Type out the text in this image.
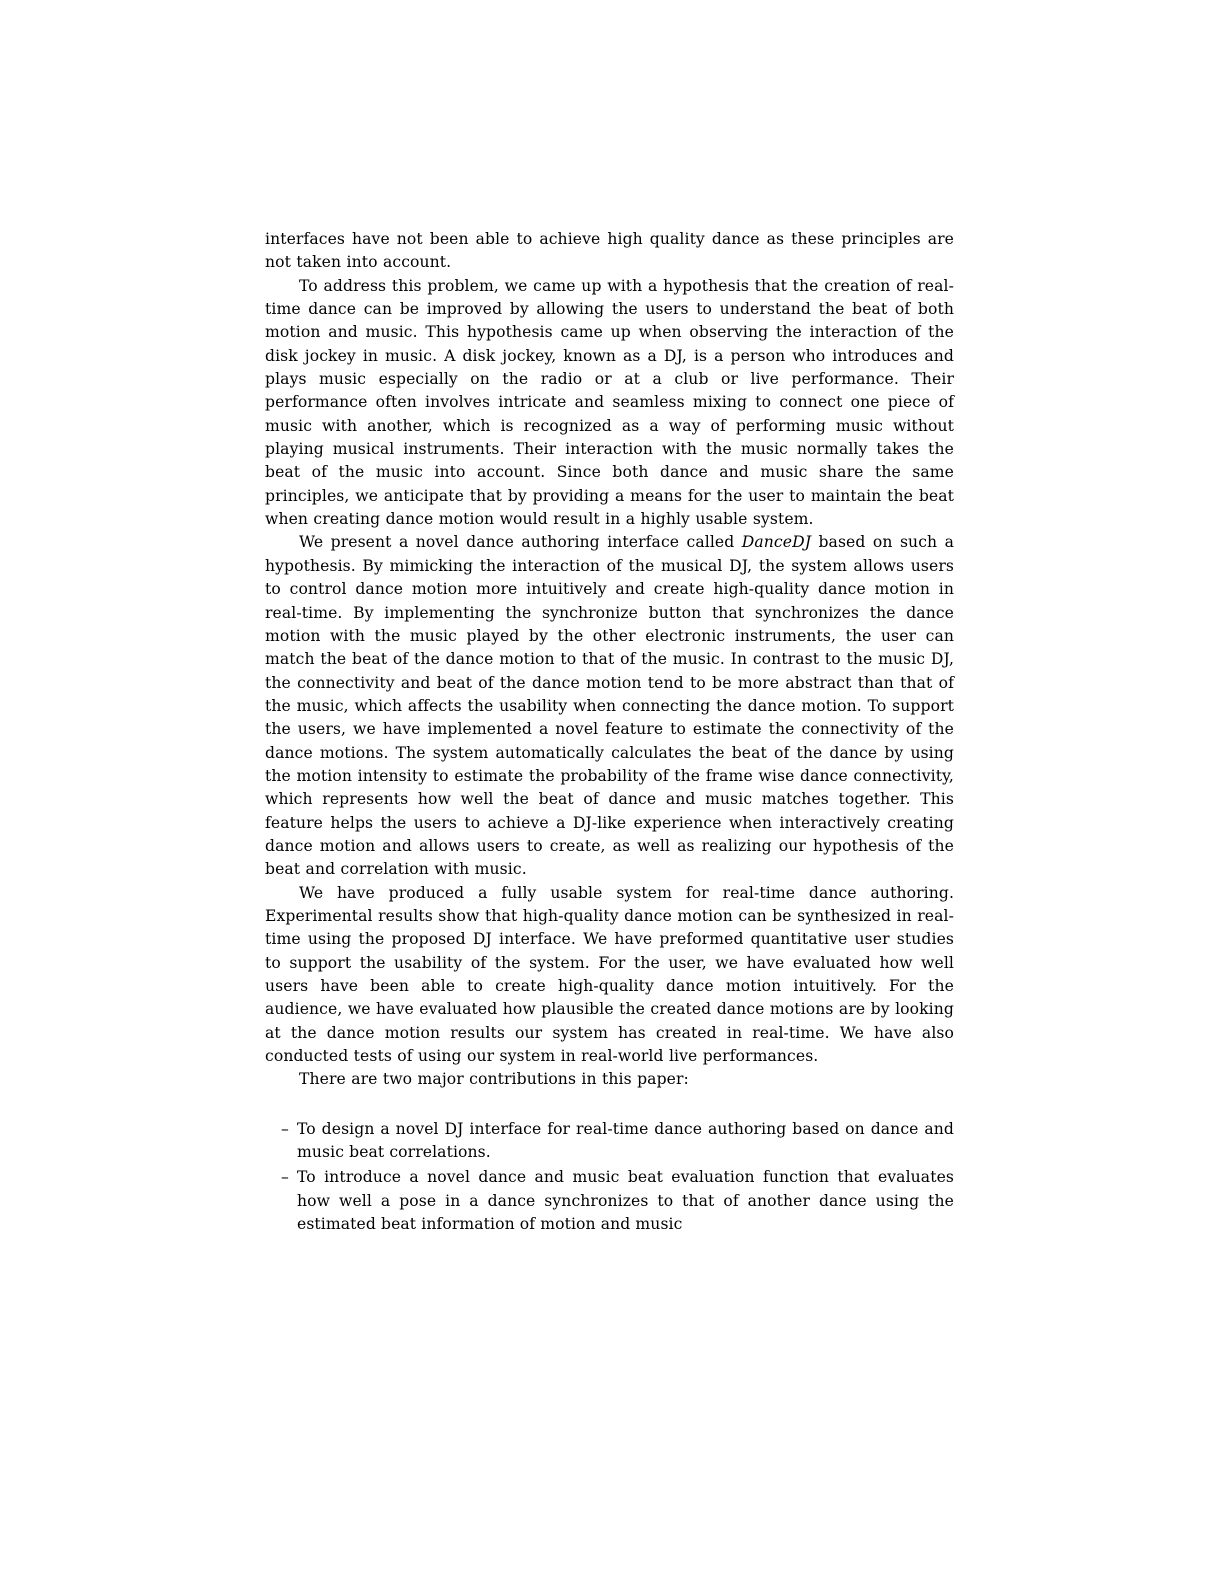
interfaces have not been able to achieve high quality dance as these principles are not taken into account.

To address this problem, we came up with a hypothesis that the creation of real-time dance can be improved by allowing the users to understand the beat of both motion and music. This hypothesis came up when observing the interaction of the disk jockey in music. A disk jockey, known as a DJ, is a person who introduces and plays music especially on the radio or at a club or live performance. Their performance often involves intricate and seamless mixing to connect one piece of music with another, which is recognized as a way of performing music without playing musical instruments. Their interaction with the music normally takes the beat of the music into account. Since both dance and music share the same principles, we anticipate that by providing a means for the user to maintain the beat when creating dance motion would result in a highly usable system.

We present a novel dance authoring interface called DanceDJ based on such a hypothesis. By mimicking the interaction of the musical DJ, the system allows users to control dance motion more intuitively and create high-quality dance motion in real-time. By implementing the synchronize button that synchronizes the dance motion with the music played by the other electronic instruments, the user can match the beat of the dance motion to that of the music. In contrast to the music DJ, the connectivity and beat of the dance motion tend to be more abstract than that of the music, which affects the usability when connecting the dance motion. To support the users, we have implemented a novel feature to estimate the connectivity of the dance motions. The system automatically calculates the beat of the dance by using the motion intensity to estimate the probability of the frame wise dance connectivity, which represents how well the beat of dance and music matches together. This feature helps the users to achieve a DJ-like experience when interactively creating dance motion and allows users to create, as well as realizing our hypothesis of the beat and correlation with music.

We have produced a fully usable system for real-time dance authoring. Experimental results show that high-quality dance motion can be synthesized in real-time using the proposed DJ interface. We have preformed quantitative user studies to support the usability of the system. For the user, we have evaluated how well users have been able to create high-quality dance motion intuitively. For the audience, we have evaluated how plausible the created dance motions are by looking at the dance motion results our system has created in real-time. We have also conducted tests of using our system in real-world live performances.

There are two major contributions in this paper:

– To design a novel DJ interface for real-time dance authoring based on dance and music beat correlations.
– To introduce a novel dance and music beat evaluation function that evaluates how well a pose in a dance synchronizes to that of another dance using the estimated beat information of motion and music
